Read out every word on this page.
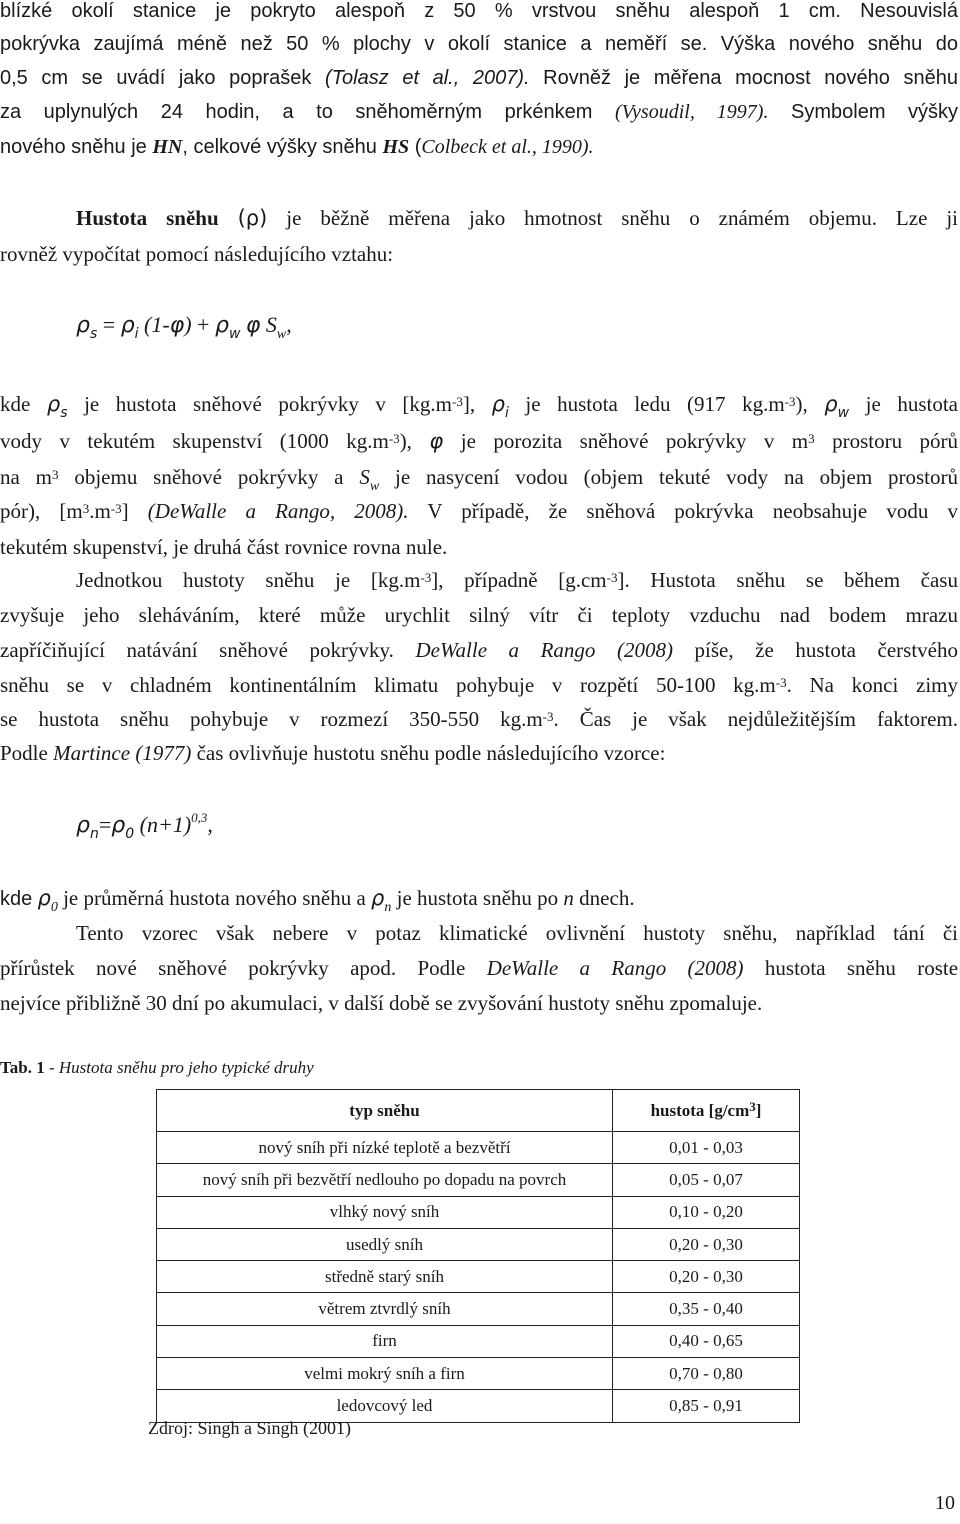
blízké okolí stanice je pokryto alespoň z 50 % vrstvou sněhu alespoň 1 cm. Nesouvislá
pokrývka zaujímá méně než 50 % plochy v okolí stanice a neměří se. Výška nového sněhu do
0,5 cm se uvádí jako poprašek (Tolasz et al., 2007). Rovněž je měřena mocnost nového sněhu
za uplynulých 24 hodin, a to sněhoměrným prkénkem (Vysoudil, 1997). Symbolem výšky
nového sněhu je HN, celkové výšky sněhu HS (Colbeck et al., 1990).
Hustota sněhu (ρ) je běžně měřena jako hmotnost sněhu o známém objemu. Lze ji
rovněž vypočítat pomocí následujícího vztahu:
$\rho_s = \rho_i$ $(1-\varphi) + \rho_w$ φ $S_w$,
kde $\rho_s$ je hustota sněhové pokrývky v $[kg.m^{-3}]$, $\rho_i$ je hustota ledu (917 $kg.m^{-3}$), $\rho_w$ je hustota
vody v tekutém skupenství (1000 $kg.m^{-3}$), φ je porozita sněhové pokrývky v $m^3$ prostoru pórů
na $m^3$ objemu sněhové pokrývky a $S_w$ je nasycení vodou (objem tekuté vody na objem prostorů
pór), $[m^3.m^{-3}]$ (DeWalle a Rango, 2008). V případě, že sněhová pokrývka neobsahuje vodu v
tekutém skupenství, je druhá část rovnice rovna nule.
Jednotkou hustoty sněhu je $[kg.m^{-3}]$, případně $[g.cm^{-3}]$. Hustota sněhu se během času
zvyšuje jeho sleháváním, které může urychlit silný vítr či teploty vzduchu nad bodem mrazu
zapříčiňující natávání sněhové pokrývky. DeWalle a Rango (2008) píše, že hustota čerstvého
sněhu se v chladném kontinentálním klimatu pohybuje v rozpětí 50-100 $kg.m^{-3}$. Na konci zimy
se hustota sněhu pohybuje v rozmezí 350-550 $kg.m^{-3}$. Čas je však nejdůležitějším faktorem.
Podle Martince (1977) čas ovlivňuje hustotu sněhu podle následujícího vzorce:
$\rho_n=\rho_0$ $(n+1)^{0,3}$,
kde $\rho_0$ je průměrná hustota nového sněhu a $\rho_n$ je hustota sněhu po n dnech.
Tento vzorec však nebere v potaz klimatické ovlivnění hustoty sněhu, například tání či
přírůstek nové sněhové pokrývky apod. Podle DeWalle a Rango (2008) hustota sněhu roste
nejvíce přibližně 30 dní po akumulaci, v další době se zvyšování hustoty sněhu zpomaluje.
Tab. 1 - Hustota sněhu pro jeho typické druhy
typ sněhu	hustota $[g/cm^3]$
nový sníh při nízké teplotě a bezvětří	0,01 - 0,03
nový sníh při bezvětří nedlouho po dopadu na povrch	0,05 - 0,07
vlhký nový sníh	0,10 - 0,20
usedlý sníh	0,20 - 0,30
středně starý sníh	0,20 - 0,30
větrem ztvrdlý sníh	0,35 - 0,40
firn	0,40 - 0,65
velmi mokrý sníh a firn	0,70 - 0,80
ledovcový led	0,85 - 0,91
Zdroj: Singh a Singh (2001)
10
